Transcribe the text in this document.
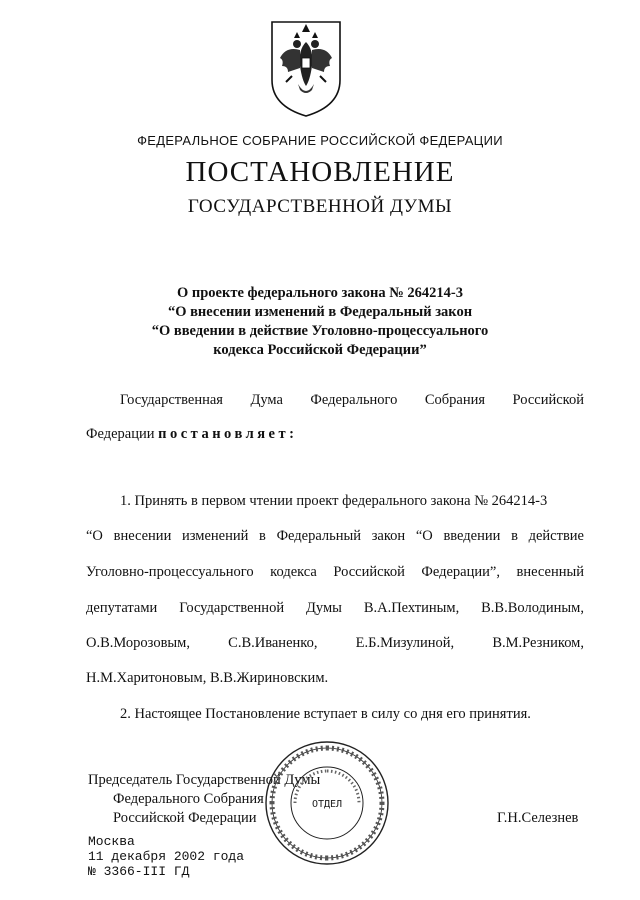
ФЕДЕРАЛЬНОЕ СОБРАНИЕ РОССИЙСКОЙ ФЕДЕРАЦИИ
ПОСТАНОВЛЕНИЕ
ГОСУДАРСТВЕННОЙ ДУМЫ
О проекте федерального закона № 264214-3
“О внесении изменений в Федеральный закон
“О введении в действие Уголовно-процессуального
кодекса Российской Федерации”
Государственная Дума Федерального Собрания Российской
Федерации постановляет:
1. Принять в первом чтении проект федерального закона № 264214-3
“О внесении изменений в Федеральный закон “О введении в действие
Уголовно-процессуального кодекса Российской Федерации”, внесенный
депутатами Государственной Думы В.А.Пехтиным, В.В.Володиным,
О.В.Морозовым,	С.В.Иваненко,	Е.Б.Мизулиной,	В.М.Резником,
Н.М.Харитоновым, В.В.Жириновским.
2. Настоящее Постановление вступает в силу со дня его принятия.
Председатель Государственной Думы
Федерального Собрания
Российской Федерации	Г.Н.Селезнев
ОТДЕЛ
Москва
11 декабря 2002 года
№ 3366-III ГД
